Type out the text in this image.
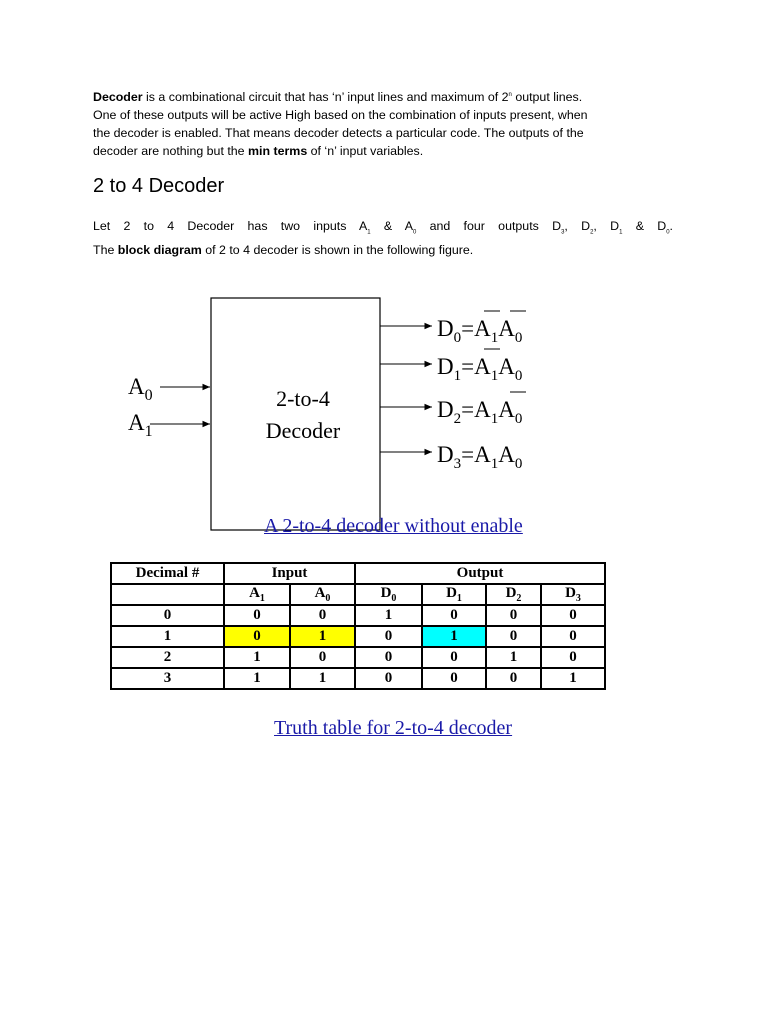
Decoder is a combinational circuit that has ‘n’ input lines and maximum of 2$^n$ output lines.
One of these outputs will be active High based on the combination of inputs present, when
the decoder is enabled. That means decoder detects a particular code. The outputs of the
decoder are nothing but the min terms of ‘n’ input variables.
2 to 4 Decoder
Let 2 to 4 Decoder has two inputs $A_1$ & $A_0$ and four outputs $D_3$, $D_2$, $D_1$ & $D_0$.
The block diagram of 2 to 4 decoder is shown in the following figure.
2-to-4
Decoder
$A_0$
$A_1$
$D_0=A_1A_0$
$D_1=A_1A_0$
$D_2=A_1A_0$
$D_3=A_1A_0$
A 2-to-4 decoder without enable
Decimal #	Input		Output			
	$A_1$	$A_0$	$D_0$	$D_1$	$D_2$	$D_3$
0	0	0	1	0	0	0
1	0	1	0	1	0	0
2	1	0	0	0	1	0
3	1	1	0	0	0	1
Truth table for 2-to-4 decoder
